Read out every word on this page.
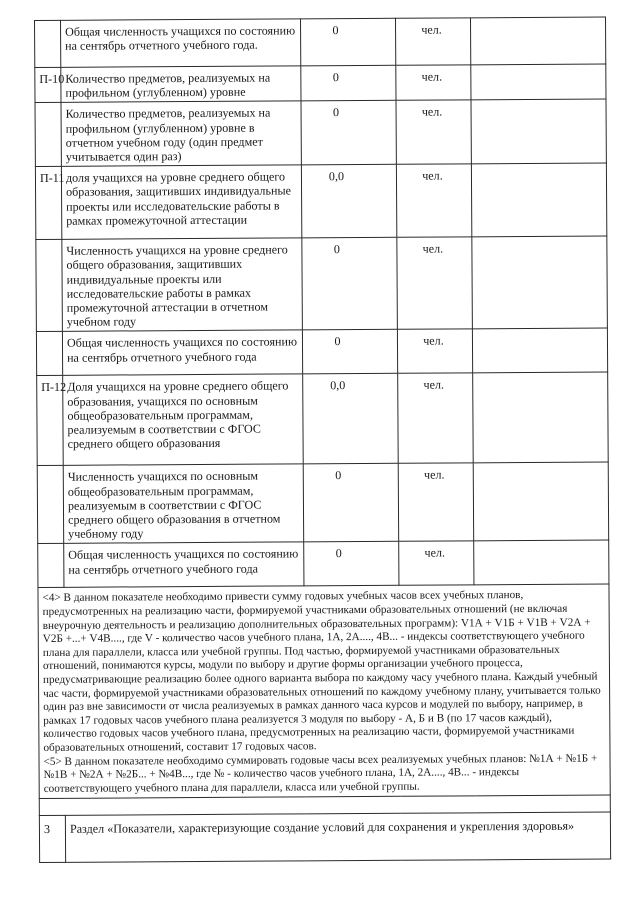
	Общая численность учащихся по состоянию на сентябрь отчетного учебного года.	0	чел.	
П-10	Количество предметов, реализуемых на профильном (углубленном) уровне	0	чел.	
	Количество предметов, реализуемых на профильном (углубленном) уровне в отчетном учебном году (один предмет учитывается один раз)	0	чел.	
П-11	доля учащихся на уровне среднего общего образования, защитивших индивидуальные проекты или исследовательские работы в рамках промежуточной аттестации	0,0	чел.	
	Численность учащихся на уровне среднего общего образования, защитивших индивидуальные проекты или исследовательские работы в рамках промежуточной аттестации в отчетном учебном году	0	чел.	
	Общая численность учащихся по состоянию на сентябрь отчетного учебного года	0	чел.	
П-12	Доля учащихся на уровне среднего общего образования, учащихся по основным общеобразовательным программам, реализуемым в соответствии с ФГОС среднего общего образования	0,0	чел.	
	Численность учащихся по основным общеобразовательным программам, реализуемым в соответствии с ФГОС среднего общего образования в отчетном учебному году	0	чел.	
	Общая численность учащихся по состоянию на сентябрь отчетного учебного года	0	чел.	

<4> В данном показателе необходимо привести сумму годовых учебных часов всех учебных планов, предусмотренных на реализацию части, формируемой участниками образовательных отношений (не включая внеурочную деятельность и реализацию дополнительных образовательных программ): V1А + V1Б + V1В + V2А + V2Б +...+ V4В...., где V - количество часов учебного плана, 1А, 2А...., 4В... - индексы соответствующего учебного плана для параллели, класса или учебной группы. Под частью, формируемой участниками образовательных отношений, понимаются курсы, модули по выбору и другие формы организации учебного процесса, предусматривающие реализацию более одного варианта выбора по каждому часу учебного плана. Каждый учебный час части, формируемой участниками образовательных отношений по каждому учебному плану, учитывается только один раз вне зависимости от числа реализуемых в рамках данного часа курсов и модулей по выбору, например, в рамках 17 годовых часов учебного плана реализуется 3 модуля по выбору - А, Б и В (по 17 часов каждый), количество годовых часов учебного плана, предусмотренных на реализацию части, формируемой участниками образовательных отношений, составит 17 годовых часов.

<5> В данном показателе необходимо суммировать годовые часы всех реализуемых учебных планов: №1А + №1Б + №1В + №2А + №2Б... + №4В..., где № - количество часов учебного плана, 1А, 2А...., 4В... - индексы соответствующего учебного плана для параллели, класса или учебной группы.				

3	Раздел «Показатели, характеризующие создание условий для сохранения и укрепления здоровья»			
